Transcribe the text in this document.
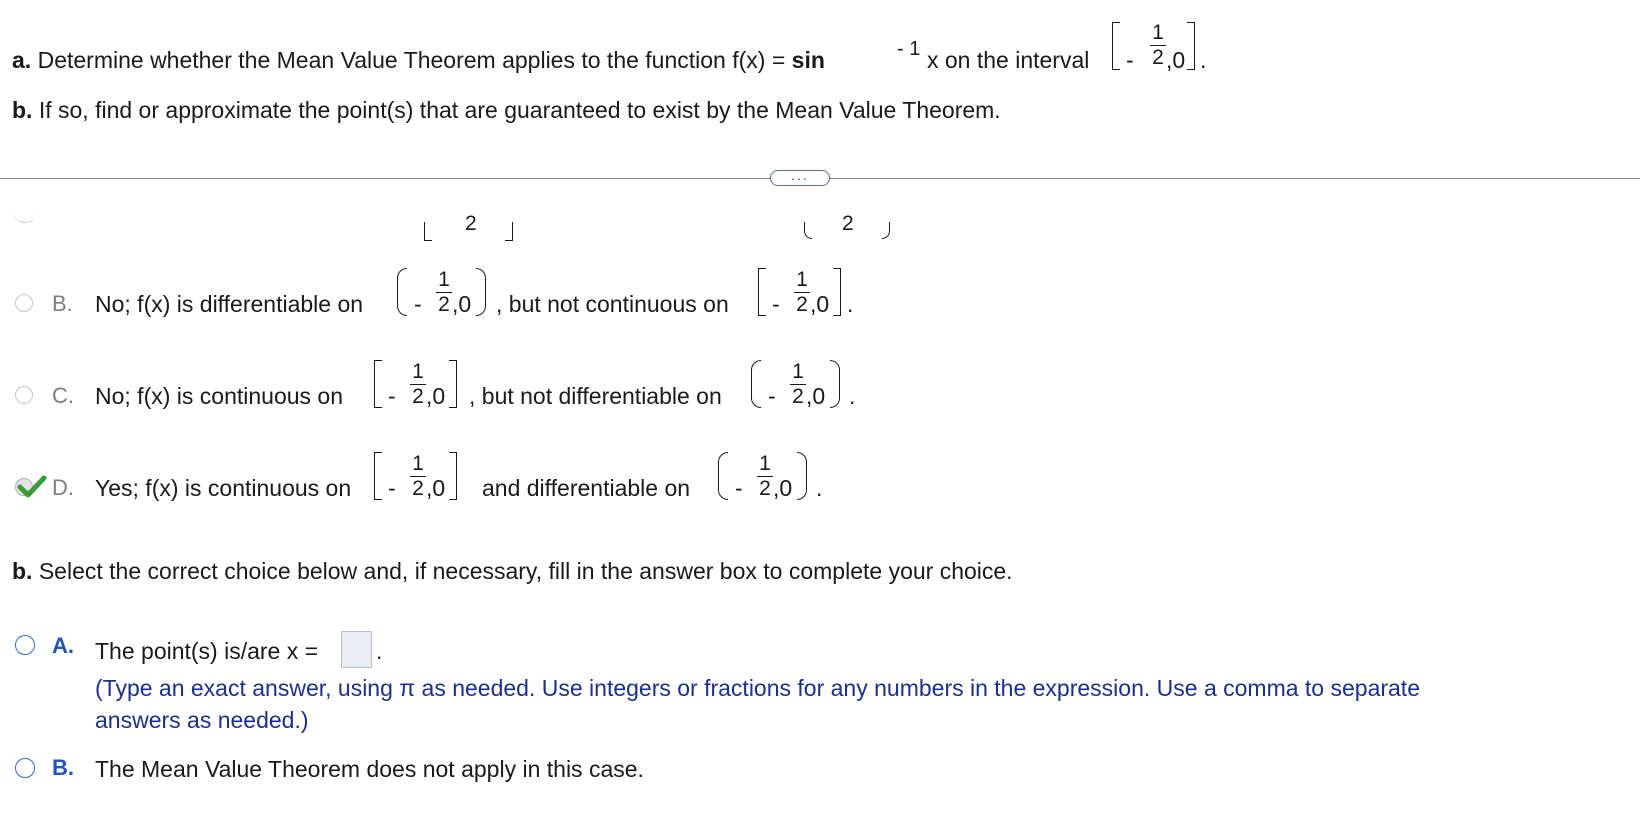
a. Determine whether the Mean Value Theorem applies to the function f(x) = sin	- 1 x on the interval -
1
2 ,0 .
b. If so, find or approximate the point(s) that are guaranteed to exist by the Mean Value Theorem.
...
2	2
B. No; f(x) is differentiable on -
1
2 ,0 , but not continuous on -
1
2 ,0 .
C. No; f(x) is continuous on -
1
2 ,0 , but not differentiable on -
1
2 ,0 .
D. Yes; f(x) is continuous on -
1
2 ,0 and differentiable on -
1
2 ,0 .
b. Select the correct choice below and, if necessary, fill in the answer box to complete your choice.
A. The point(s) is/are x =	.
(Type an exact answer, using π as needed. Use integers or fractions for any numbers in the expression. Use a comma to separate
answers as needed.)
B. The Mean Value Theorem does not apply in this case.
